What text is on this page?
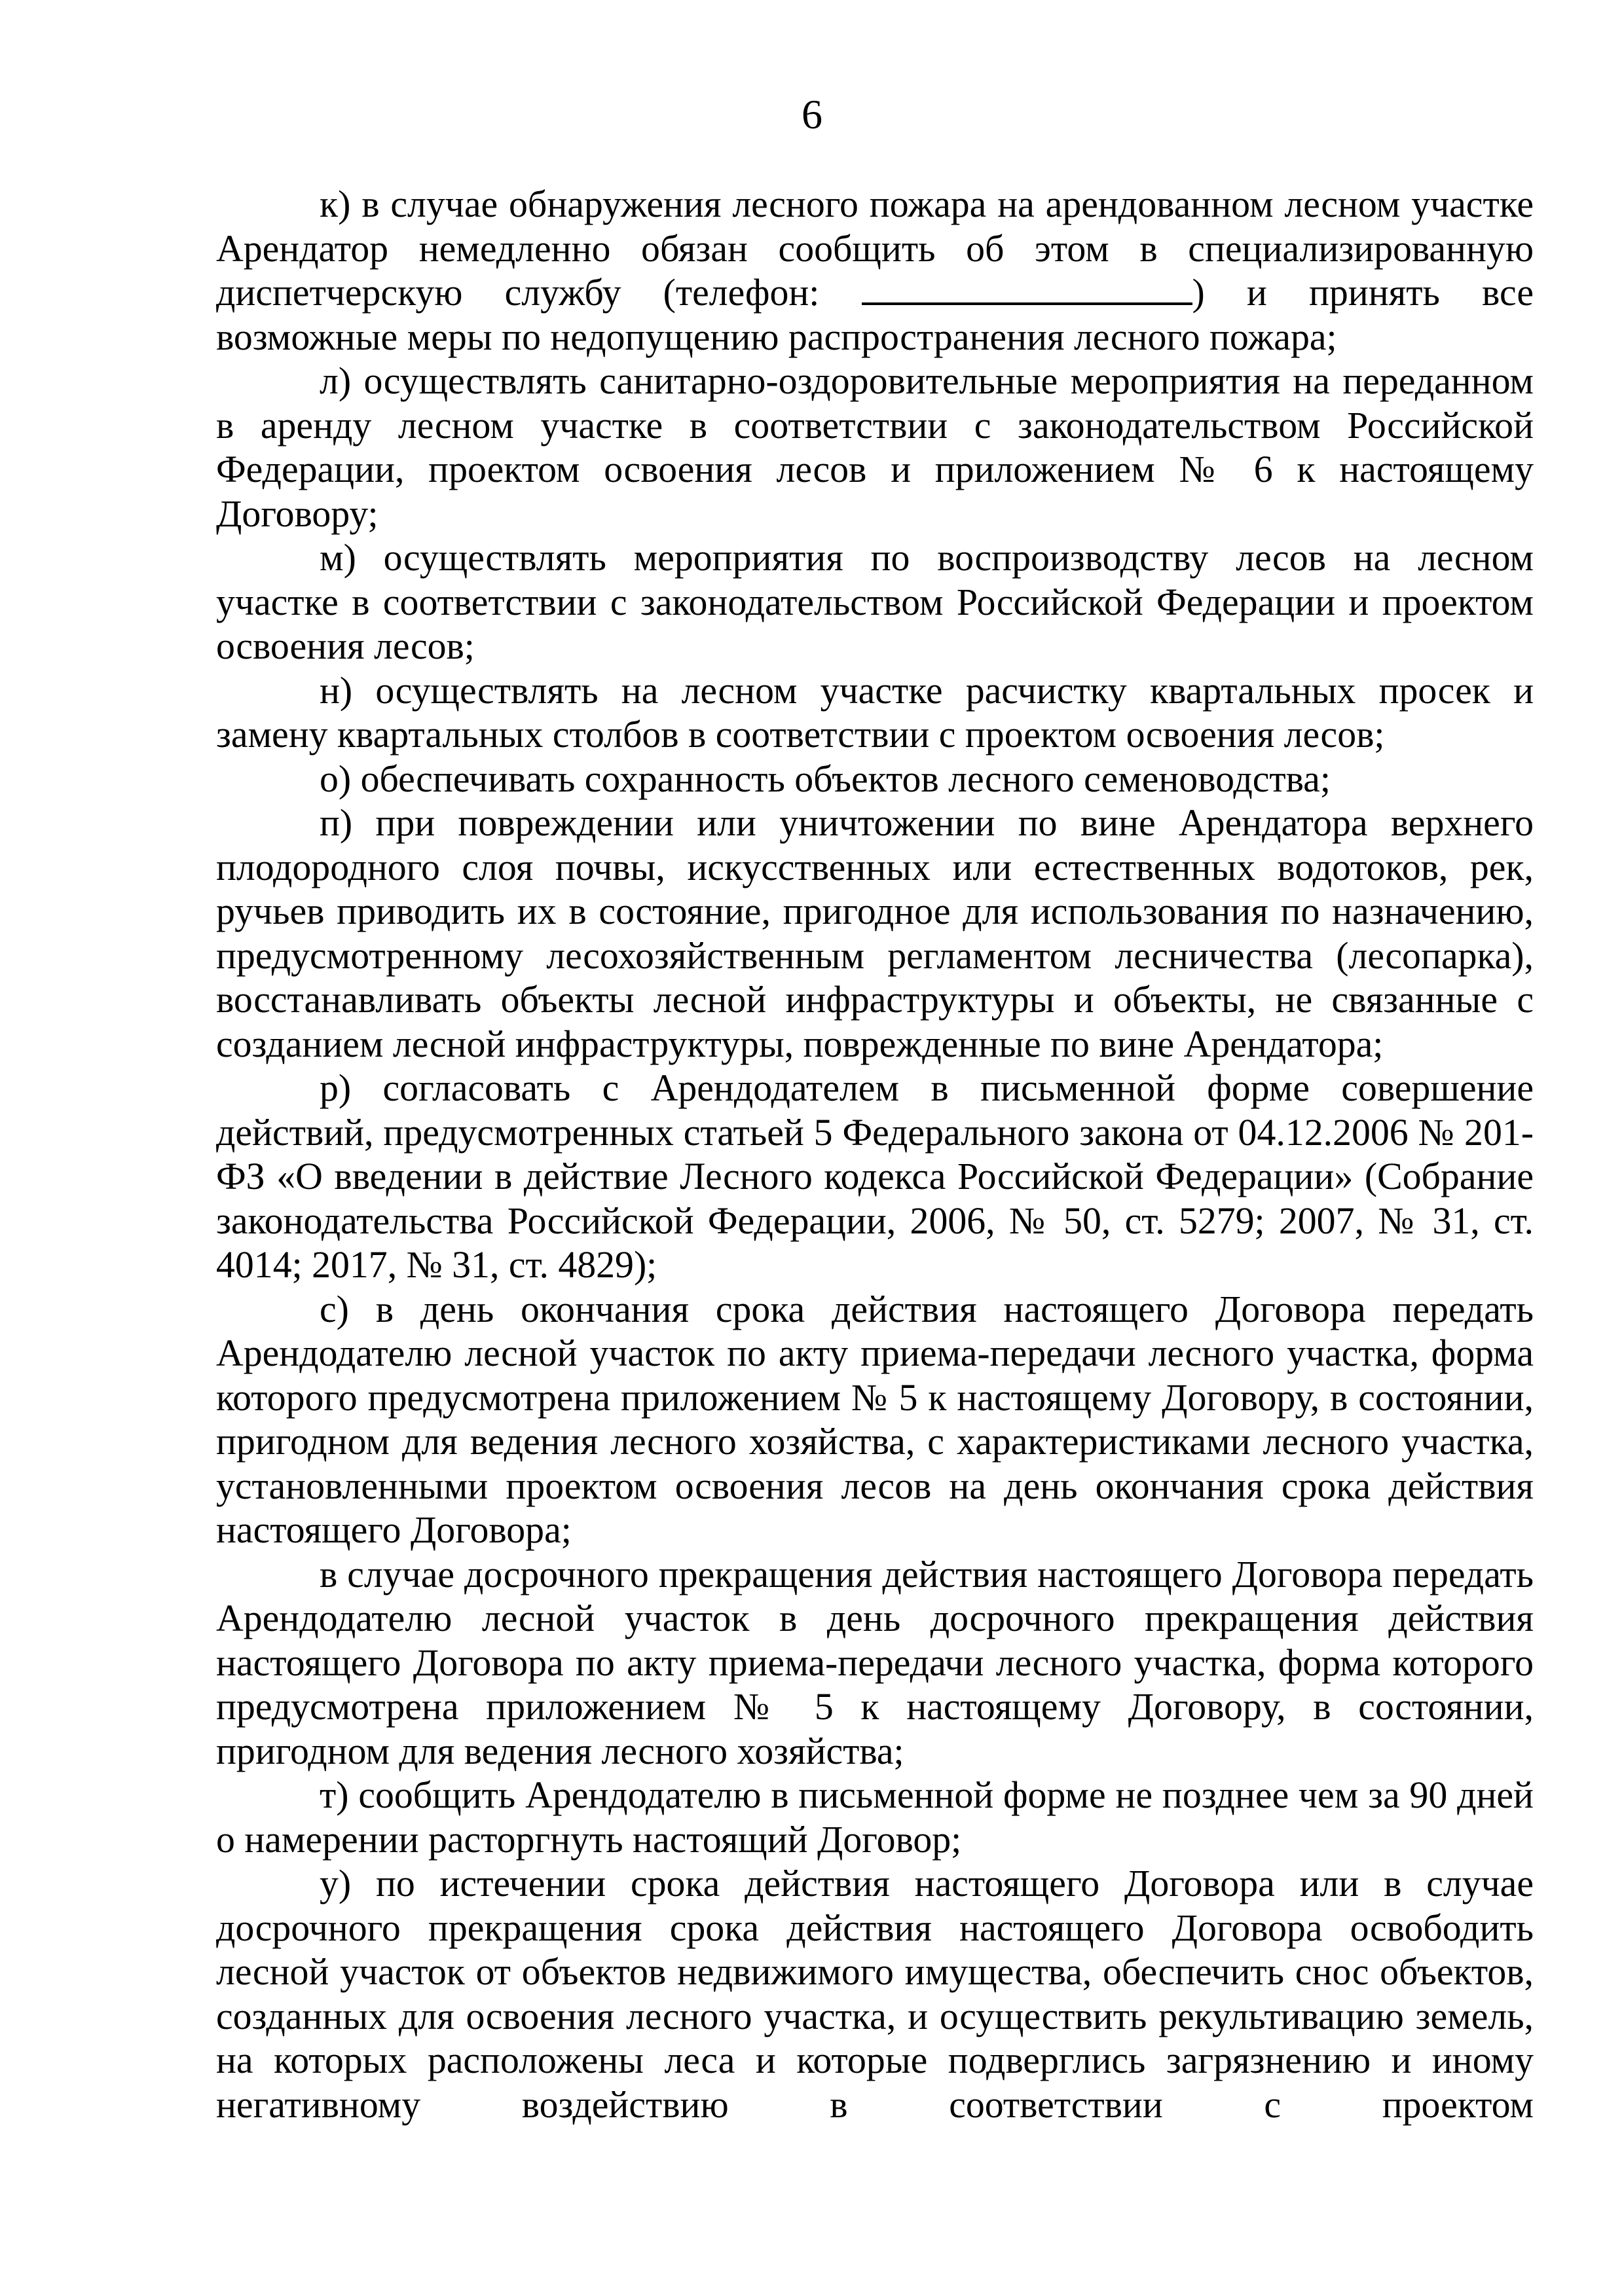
6

к) в случае обнаружения лесного пожара на арендованном лесном участке
Арендатор немедленно обязан сообщить об этом в специализированную
диспетчерскую службу (телефон:	) и принять все
возможные меры по недопущению распространения лесного пожара;

л) осуществлять санитарно-оздоровительные мероприятия на переданном в аренду лесном участке в соответствии с законодательством Российской Федерации, проектом освоения лесов и приложением № 6 к настоящему Договору;

м) осуществлять мероприятия по воспроизводству лесов на лесном участке в соответствии с законодательством Российской Федерации и проектом освоения лесов;

н) осуществлять на лесном участке расчистку квартальных просек и замену квартальных столбов в соответствии с проектом освоения лесов;

о) обеспечивать сохранность объектов лесного семеноводства;

п) при повреждении или уничтожении по вине Арендатора верхнего плодородного слоя почвы, искусственных или естественных водотоков, рек, ручьев приводить их в состояние, пригодное для использования по назначению, предусмотренному лесохозяйственным регламентом лесничества (лесопарка), восстанавливать объекты лесной инфраструктуры и объекты, не связанные с созданием лесной инфраструктуры, поврежденные по вине Арендатора;

р) согласовать с Арендодателем в письменной форме совершение действий, предусмотренных статьей 5 Федерального закона от 04.12.2006 № 201-ФЗ «О введении в действие Лесного кодекса Российской Федерации» (Собрание законодательства Российской Федерации, 2006, № 50, ст. 5279; 2007, № 31, ст. 4014; 2017, № 31, ст. 4829);

с) в день окончания срока действия настоящего Договора передать Арендодателю лесной участок по акту приема-передачи лесного участка, форма которого предусмотрена приложением № 5 к настоящему Договору, в состоянии, пригодном для ведения лесного хозяйства, с характеристиками лесного участка, установленными проектом освоения лесов на день окончания срока действия настоящего Договора;

в случае досрочного прекращения действия настоящего Договора передать Арендодателю лесной участок в день досрочного прекращения действия настоящего Договора по акту приема-передачи лесного участка, форма которого предусмотрена приложением № 5 к настоящему Договору, в состоянии, пригодном для ведения лесного хозяйства;

т) сообщить Арендодателю в письменной форме не позднее чем за 90 дней о намерении расторгнуть настоящий Договор;

у) по истечении срока действия настоящего Договора или в случае досрочного прекращения срока действия настоящего Договора освободить лесной участок от объектов недвижимого имущества, обеспечить снос объектов, созданных для освоения лесного участка, и осуществить рекультивацию земель, на которых расположены леса и которые подверглись загрязнению и иному негативному воздействию в соответствии с проектом
